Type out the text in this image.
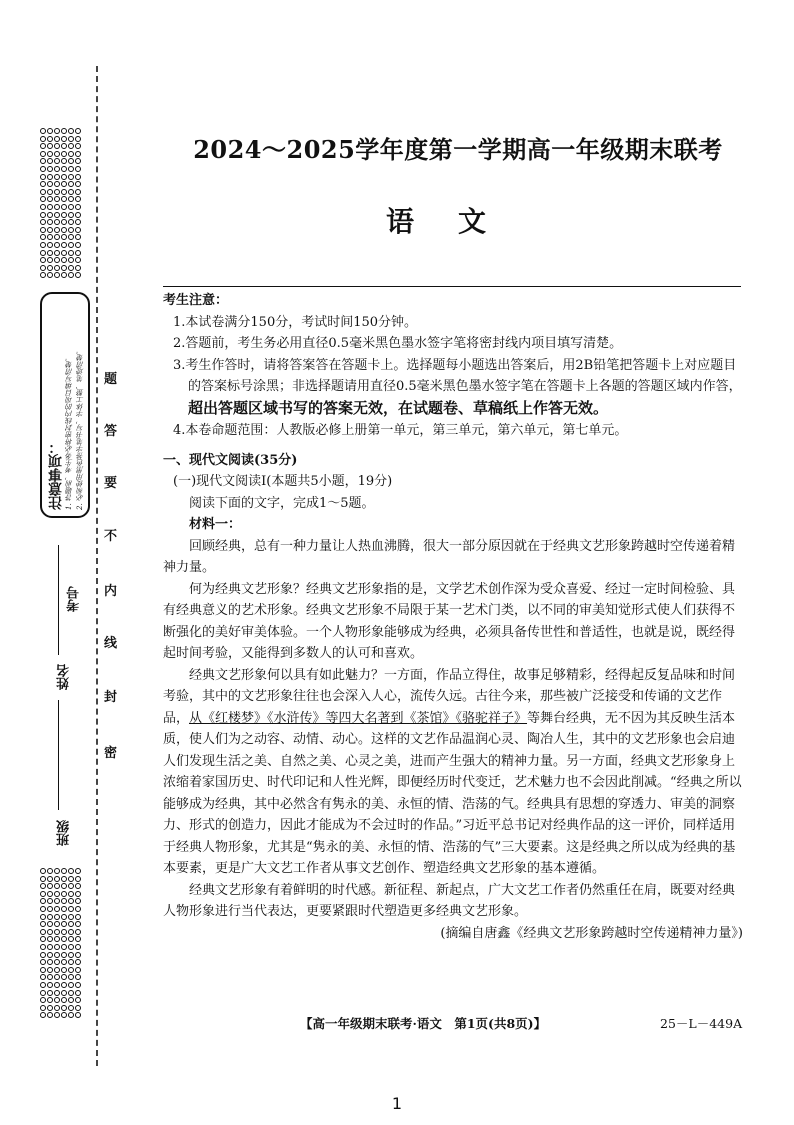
注意事项： 1. 答题前，考生务必将密封线内的项目填写清楚。 2. 必须使用黑色签字笔书写，字体工整、笔迹清楚。
班级
姓名
考号
密
封
线
内
不
要
答
题
2024～2025学年度第一学期高一年级期末联考
语文

考生注意：

1.本试卷满分150分，考试时间150分钟。

2.答题前，考生务必用直径0.5毫米黑色墨水签字笔将密封线内项目填写清楚。

3.考生作答时，请将答案答在答题卡上。选择题每小题选出答案后，用2B铅笔把答题卡上对应题目的答案标号涂黑；非选择题请用直径0.5毫米黑色墨水签字笔在答题卡上各题的答题区域内作答，超出答题区域书写的答案无效，在试题卷、草稿纸上作答无效。

4.本卷命题范围：人教版必修上册第一单元，第三单元，第六单元，第七单元。

一、现代文阅读(35分)

(一)现代文阅读Ⅰ(本题共5小题，19分)

阅读下面的文字，完成1～5题。

材料一：

回顾经典，总有一种力量让人热血沸腾，很大一部分原因就在于经典文艺形象跨越时空传递着精神力量。

何为经典文艺形象？经典文艺形象指的是，文学艺术创作深为受众喜爱、经过一定时间检验、具有经典意义的艺术形象。经典文艺形象不局限于某一艺术门类，以不同的审美知觉形式使人们获得不断强化的美好审美体验。一个人物形象能够成为经典，必须具备传世性和普适性，也就是说，既经得起时间考验，又能得到多数人的认可和喜欢。

经典文艺形象何以具有如此魅力？一方面，作品立得住，故事足够精彩，经得起反复品味和时间考验，其中的文艺形象往往也会深入人心，流传久远。古往今来，那些被广泛接受和传诵的文艺作品，从《红楼梦》《水浒传》等四大名著到《茶馆》《骆驼祥子》等舞台经典，无不因为其反映生活本质，使人们为之动容、动情、动心。这样的文艺作品温润心灵、陶冶人生，其中的文艺形象也会启迪人们发现生活之美、自然之美、心灵之美，进而产生强大的精神力量。另一方面，经典文艺形象身上浓缩着家国历史、时代印记和人性光辉，即便经历时代变迁，艺术魅力也不会因此削减。“经典之所以能够成为经典，其中必然含有隽永的美、永恒的情、浩荡的气。经典具有思想的穿透力、审美的洞察力、形式的创造力，因此才能成为不会过时的作品。”习近平总书记对经典作品的这一评价，同样适用于经典人物形象，尤其是“隽永的美、永恒的情、浩荡的气”三大要素。这是经典之所以成为经典的基本要素，更是广大文艺工作者从事文艺创作、塑造经典文艺形象的基本遵循。

经典文艺形象有着鲜明的时代感。新征程、新起点，广大文艺工作者仍然重任在肩，既要对经典人物形象进行当代表达，更要紧跟时代塑造更多经典文艺形象。

(摘编自唐鑫《经典文艺形象跨越时空传递精神力量》)

【高一年级期末联考·语文　第1页(共8页)】	25－L－449A
1
